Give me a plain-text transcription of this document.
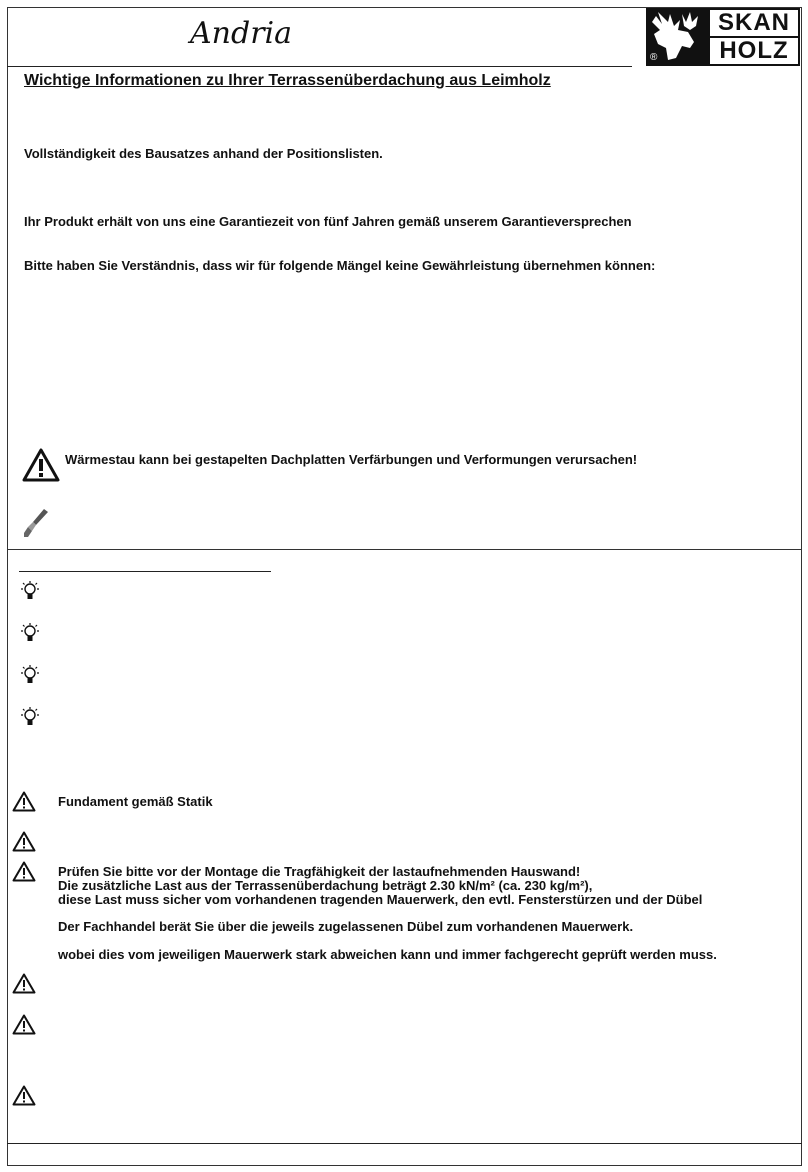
Andria	SKAN
HOLZ
®
Wichtige Informationen zu Ihrer Terrassenüberdachung aus Leimholz
Vollständigkeit des Bausatzes anhand der Positionslisten.
Ihr Produkt erhält von uns eine Garantiezeit von fünf Jahren gemäß unserem Garantieversprechen
Bitte haben Sie Verständnis, dass wir für folgende Mängel keine Gewährleistung übernehmen können:
Wärmestau kann bei gestapelten Dachplatten Verfärbungen und Verformungen verursachen!
Fundament gemäß Statik
Prüfen Sie bitte vor der Montage die Tragfähigkeit der lastaufnehmenden Hauswand!
Die zusätzliche Last aus der Terrassenüberdachung beträgt 2.30 kN/m² (ca. 230 kg/m²),
diese Last muss sicher vom vorhandenen tragenden Mauerwerk, den evtl. Fensterstürzen und der Dübel
Der Fachhandel berät Sie über die jeweils zugelassenen Dübel zum vorhandenen Mauerwerk.
wobei dies vom jeweiligen Mauerwerk stark abweichen kann und immer fachgerecht geprüft werden muss.
